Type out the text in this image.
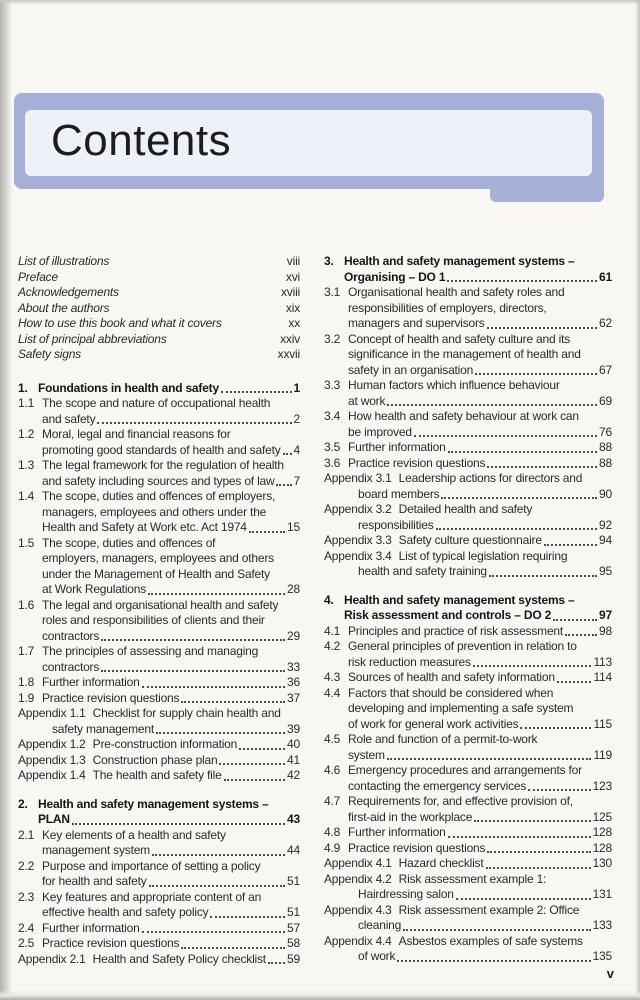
Contents
List of illustrations	viii
Preface	xvi
Acknowledgements	xviii
About the authors	xix
How to use this book and what it covers	xx
List of principal abbreviations	xxiv
Safety signs	xxvii
1. Foundations in health and safety	1
1.1 The scope and nature of occupational health
and safety	2
1.2 Moral, legal and financial reasons for
promoting good standards of health and safety 4
1.3 The legal framework for the regulation of health
and safety including sources and types of law 7
1.4 The scope, duties and offences of employers,
managers, employees and others under the
Health and Safety at Work etc. Act 1974	15
1.5 The scope, duties and offences of
employers, managers, employees and others
under the Management of Health and Safety
at Work Regulations	28
1.6 The legal and organisational health and safety
roles and responsibilities of clients and their
contractors	29
1.7 The principles of assessing and managing
contractors	33
1.8 Further information	36
1.9 Practice revision questions	37
Appendix 1.1 Checklist for supply chain health and
safety management	39
Appendix 1.2 Pre-construction information	40
Appendix 1.3 Construction phase plan	41
Appendix 1.4 The health and safety file	42
2. Health and safety management systems –
PLAN	43
2.1 Key elements of a health and safety
management system	44
2.2 Purpose and importance of setting a policy
for health and safety	51
2.3 Key features and appropriate content of an
effective health and safety policy	51
2.4 Further information	57
2.5 Practice revision questions	58
Appendix 2.1 Health and Safety Policy checklist 59
3. Health and safety management systems –
Organising – DO 1	61
3.1 Organisational health and safety roles and
responsibilities of employers, directors,
managers and supervisors	62
3.2 Concept of health and safety culture and its
significance in the management of health and
safety in an organisation	67
3.3 Human factors which influence behaviour
at work	69
3.4 How health and safety behaviour at work can
be improved	76
3.5 Further information	88
3.6 Practice revision questions	88
Appendix 3.1 Leadership actions for directors and
board members	90
Appendix 3.2 Detailed health and safety
responsibilities	92
Appendix 3.3 Safety culture questionnaire	94
Appendix 3.4 List of typical legislation requiring
health and safety training	95
4. Health and safety management systems –
Risk assessment and controls – DO 2	97
4.1 Principles and practice of risk assessment	98
4.2 General principles of prevention in relation to
risk reduction measures	113
4.3 Sources of health and safety information	114
4.4 Factors that should be considered when
developing and implementing a safe system
of work for general work activities	115
4.5 Role and function of a permit-to-work
system	119
4.6 Emergency procedures and arrangements for
contacting the emergency services	123
4.7 Requirements for, and effective provision of,
first-aid in the workplace	125
4.8 Further information	128
4.9 Practice revision questions	128
Appendix 4.1 Hazard checklist	130
Appendix 4.2 Risk assessment example 1:
Hairdressing salon	131
Appendix 4.3 Risk assessment example 2: Office
cleaning	133
Appendix 4.4 Asbestos examples of safe systems
of work	135
v
